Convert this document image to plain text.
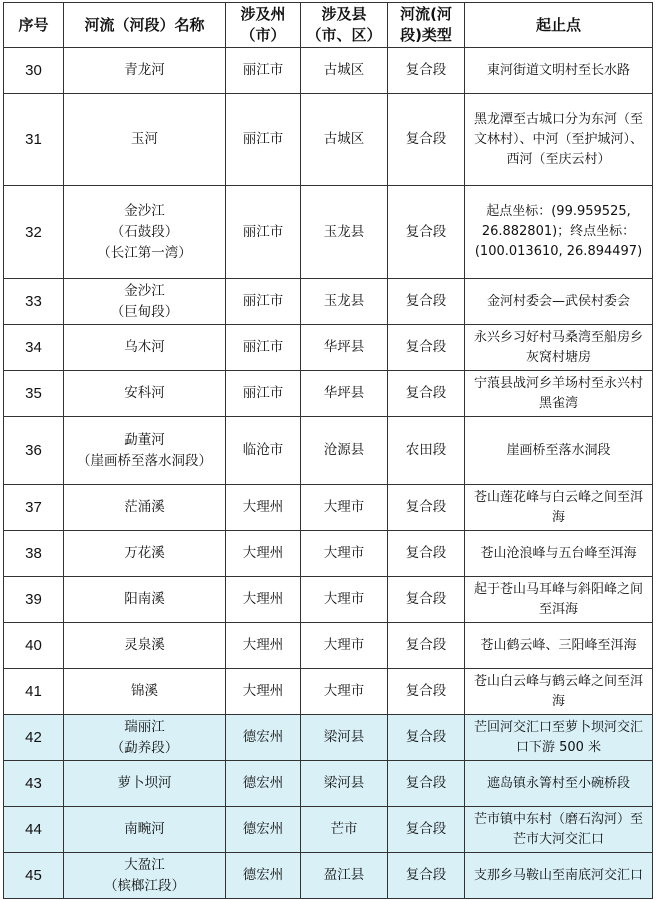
序号	河流（河段）名称	涉及州（市）	涉及县（市、区）	河流(河段)类型	起止点
30	青龙河	丽江市	古城区	复合段	東河街道文明村至长水路
31	玉河	丽江市	古城区	复合段	黑龙潭至古城口分为东河（至文林村）、中河（至护城河）、西河（至庆云村）
32	金沙江
（石鼓段）
（长江第一湾）	丽江市	玉龙县	复合段	起点坐标：(99.959525, 26.882801)；终点坐标：(100.013610, 26.894497)
33	金沙江
（巨甸段）	丽江市	玉龙县	复合段	金河村委会—武侯村委会
34	乌木河	丽江市	华坪县	复合段	永兴乡习好村马桑湾至船房乡灰窝村塘房
35	安科河	丽江市	华坪县	复合段	宁蒗县战河乡羊场村至永兴村黑雀湾
36	勐董河
（崖画桥至落水洞段）	临沧市	沧源县	农田段	崖画桥至落水洞段
37	茫涌溪	大理州	大理市	复合段	苍山莲花峰与白云峰之间至洱海
38	万花溪	大理州	大理市	复合段	苍山沧浪峰与五台峰至洱海
39	阳南溪	大理州	大理市	复合段	起于苍山马耳峰与斜阳峰之间至洱海
40	灵泉溪	大理州	大理市	复合段	苍山鹤云峰、三阳峰至洱海
41	锦溪	大理州	大理市	复合段	苍山白云峰与鹤云峰之间至洱海
42	瑞丽江
（勐养段）	德宏州	梁河县	复合段	芒回河交汇口至萝卜坝河交汇口下游 500 米
43	萝卜坝河	德宏州	梁河县	复合段	遮岛镇永箐村至小碗桥段
44	南畹河	德宏州	芒市	复合段	芒市镇中东村（磨石沟河）至芒市大河交汇口
45	大盈江
（槟榔江段）	德宏州	盈江县	复合段	支那乡马鞍山至南底河交汇口
